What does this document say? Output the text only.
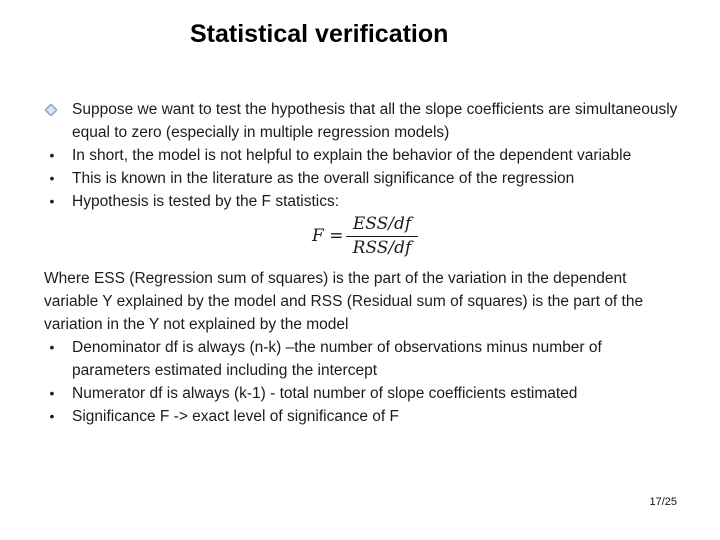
Statistical verification
Suppose we want to test the hypothesis that all the slope coefficients are simultaneously equal to zero (especially in multiple regression models)
• In short, the model is not helpful to explain the behavior of the dependent variable
• This is known in the literature as the overall significance of the regression
• Hypothesis is tested by the F statistics:
F =
ESS/df
RSS/df

Where ESS (Regression sum of squares) is the part of the variation in the dependent variable Y explained by the model and RSS (Residual sum of squares) is the part of the variation in the Y not explained by the model

• Denominator df is always (n-k) –the number of observations minus number of parameters estimated including the intercept
• Numerator df is always (k-1) - total number of slope coefficients estimated
• Significance F -> exact level of significance of F
17/25
